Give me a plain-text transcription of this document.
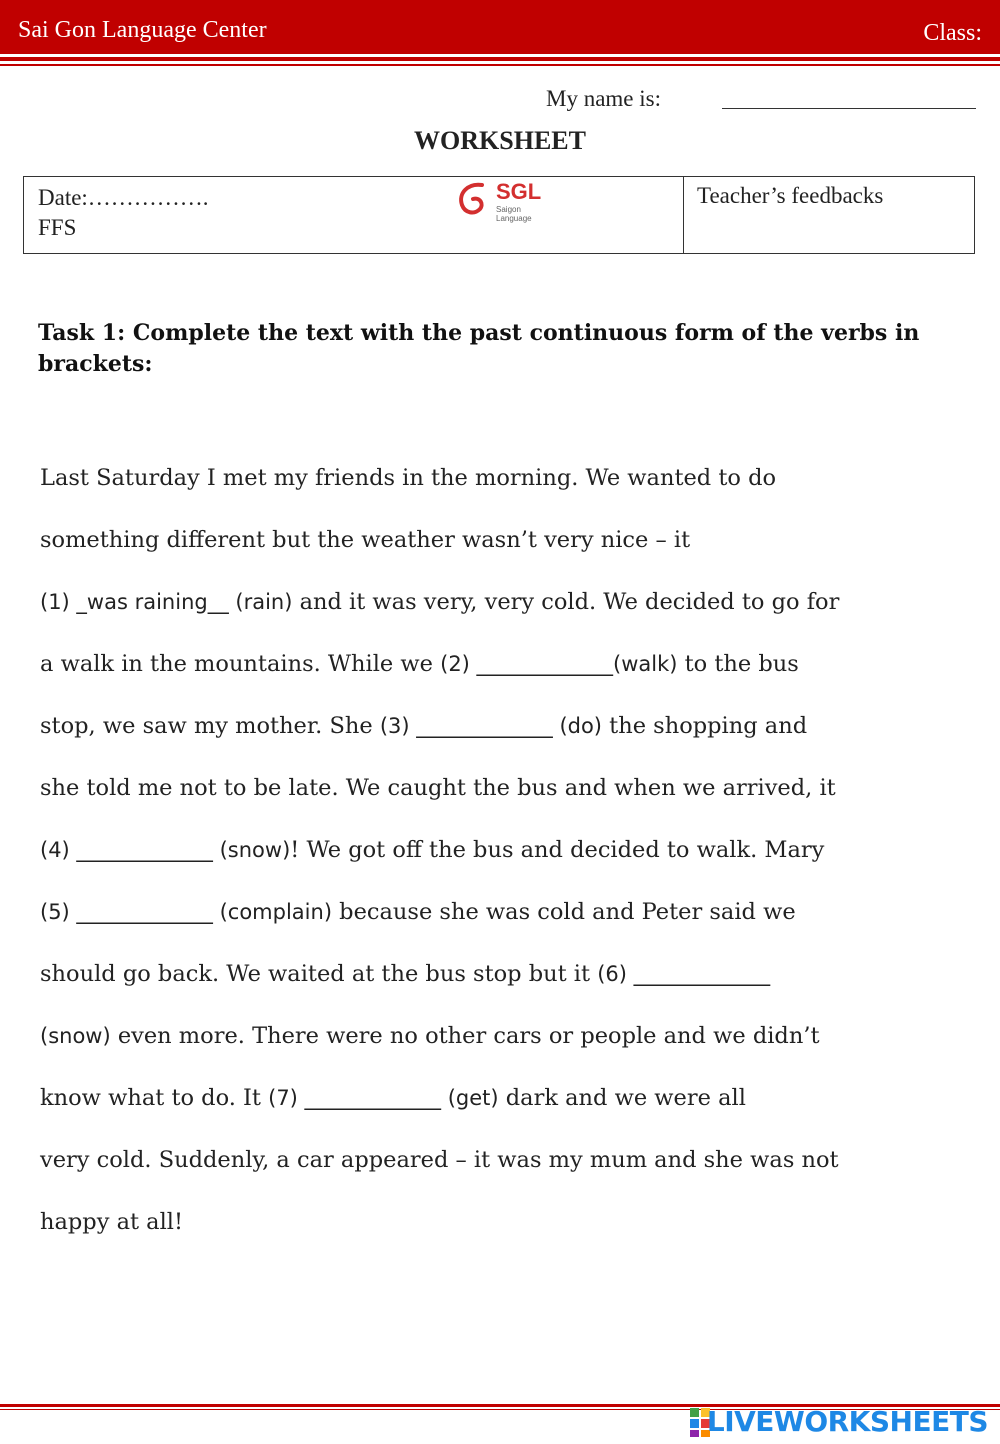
Sai Gon Language Center	Class:
My name is:
WORKSHEET
Date:…………….
FFS
SGL
Saigon Language
Teacher’s feedbacks
Task 1: Complete the text with the past continuous form of the verbs in brackets:
Last Saturday I met my friends in the morning. We wanted to do
something different but the weather wasn’t very nice – it
(1) _was raining__ (rain) and it was very, very cold. We decided to go for
a walk in the mountains. While we (2) _____________(walk) to the bus
stop, we saw my mother. She (3) _____________ (do) the shopping and
she told me not to be late. We caught the bus and when we arrived, it
(4) _____________ (snow)! We got off the bus and decided to walk. Mary
(5) _____________ (complain) because she was cold and Peter said we
should go back. We waited at the bus stop but it (6) _____________
(snow) even more. There were no other cars or people and we didn’t
know what to do. It (7) _____________ (get) dark and we were all
very cold. Suddenly, a car appeared – it was my mum and she was not
happy at all!
LIVEWORKSHEETS
